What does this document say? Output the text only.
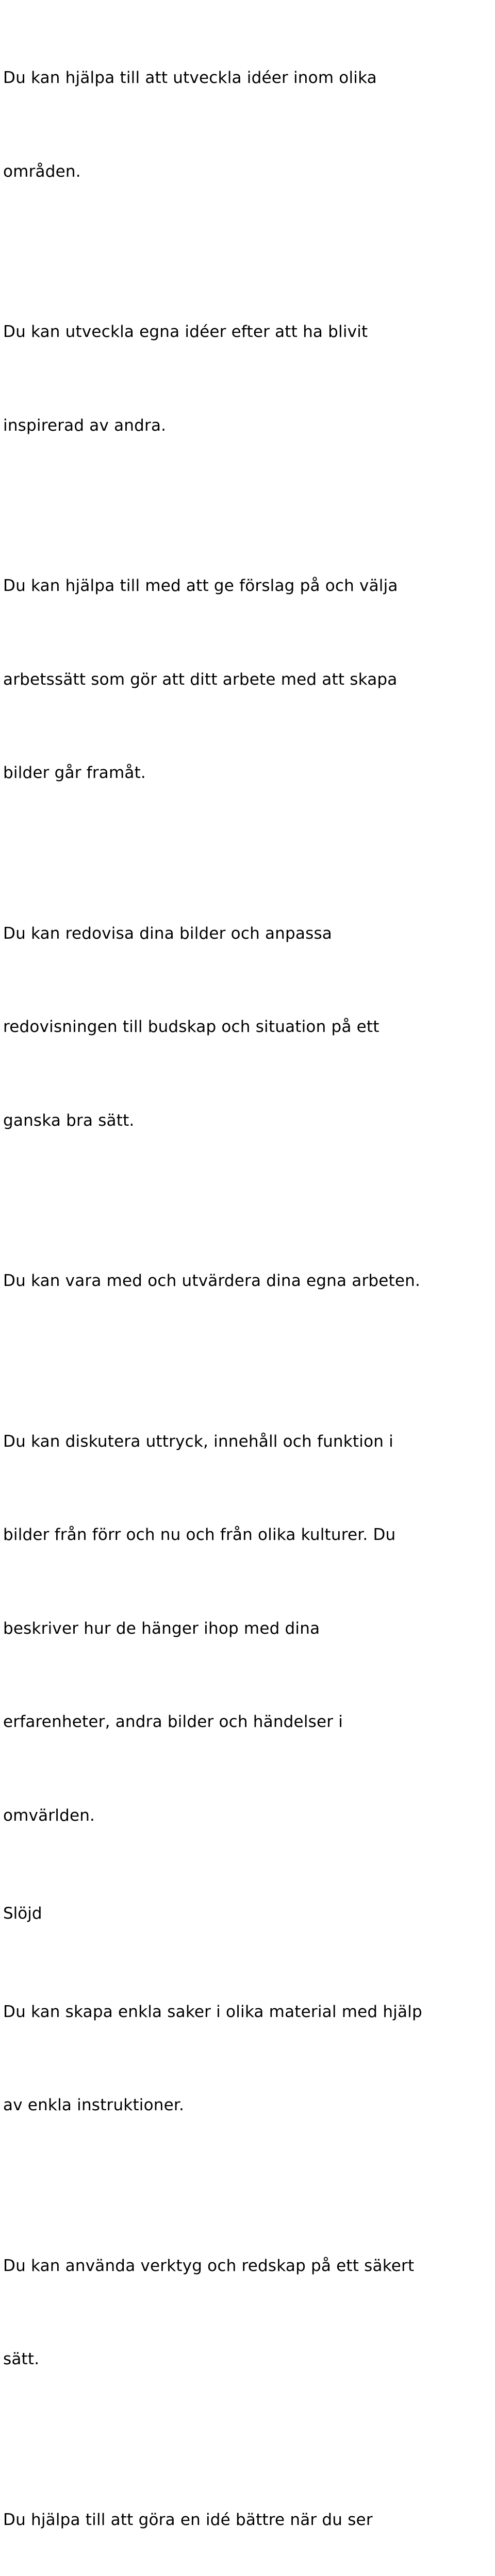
Du kan hjälpa till att utveckla idéer inom olika

områden.

Du kan utveckla egna idéer efter att ha blivit

inspirerad av andra.

Du kan hjälpa till med att ge förslag på och välja

arbetssätt som gör att ditt arbete med att skapa

bilder går framåt.

Du kan redovisa dina bilder och anpassa

redovisningen till budskap och situation på ett

ganska bra sätt.

Du kan vara med och utvärdera dina egna arbeten.

Du kan diskutera uttryck, innehåll och funktion i

bilder från förr och nu och från olika kulturer. Du

beskriver hur de hänger ihop med dina

erfarenheter, andra bilder och händelser i

omvärlden.

Slöjd

Du kan skapa enkla saker i olika material med hjälp

av enkla instruktioner.

Du kan använda verktyg och redskap på ett säkert

sätt.

Du hjälpa till att göra en idé bättre när du ser
